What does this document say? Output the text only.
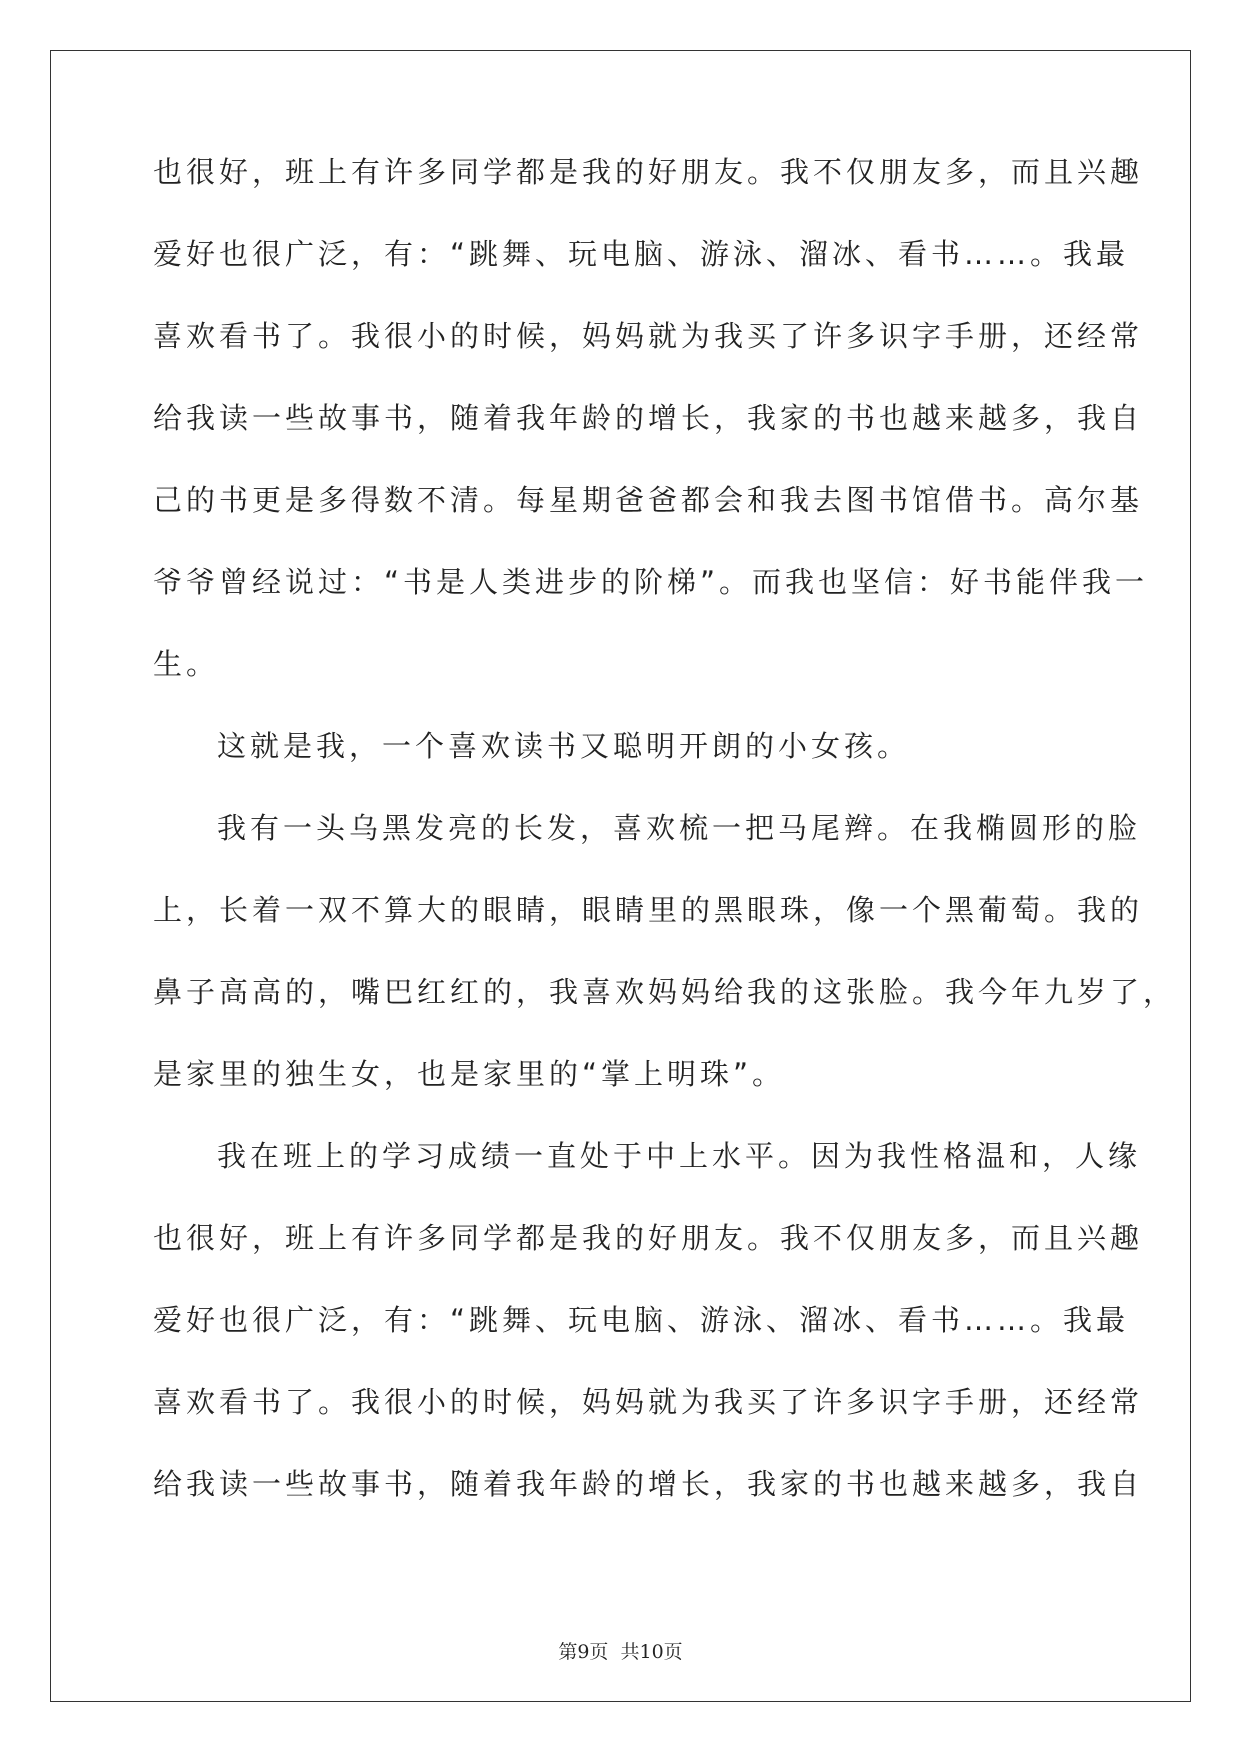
也很好，班上有许多同学都是我的好朋友。我不仅朋友多，而且兴趣
爱好也很广泛，有：“跳舞、玩电脑、游泳、溜冰、看书……。我最
喜欢看书了。我很小的时候，妈妈就为我买了许多识字手册，还经常
给我读一些故事书，随着我年龄的增长，我家的书也越来越多，我自
己的书更是多得数不清。每星期爸爸都会和我去图书馆借书。高尔基
爷爷曾经说过：“书是人类进步的阶梯”。而我也坚信：好书能伴我一
生。
这就是我，一个喜欢读书又聪明开朗的小女孩。
我有一头乌黑发亮的长发，喜欢梳一把马尾辫。在我椭圆形的脸
上，长着一双不算大的眼睛，眼睛里的黑眼珠，像一个黑葡萄。我的
鼻子高高的，嘴巴红红的，我喜欢妈妈给我的这张脸。我今年九岁了，
是家里的独生女，也是家里的“掌上明珠”。
我在班上的学习成绩一直处于中上水平。因为我性格温和，人缘
也很好，班上有许多同学都是我的好朋友。我不仅朋友多，而且兴趣
爱好也很广泛，有：“跳舞、玩电脑、游泳、溜冰、看书……。我最
喜欢看书了。我很小的时候，妈妈就为我买了许多识字手册，还经常
给我读一些故事书，随着我年龄的增长，我家的书也越来越多，我自
第9页  共10页
